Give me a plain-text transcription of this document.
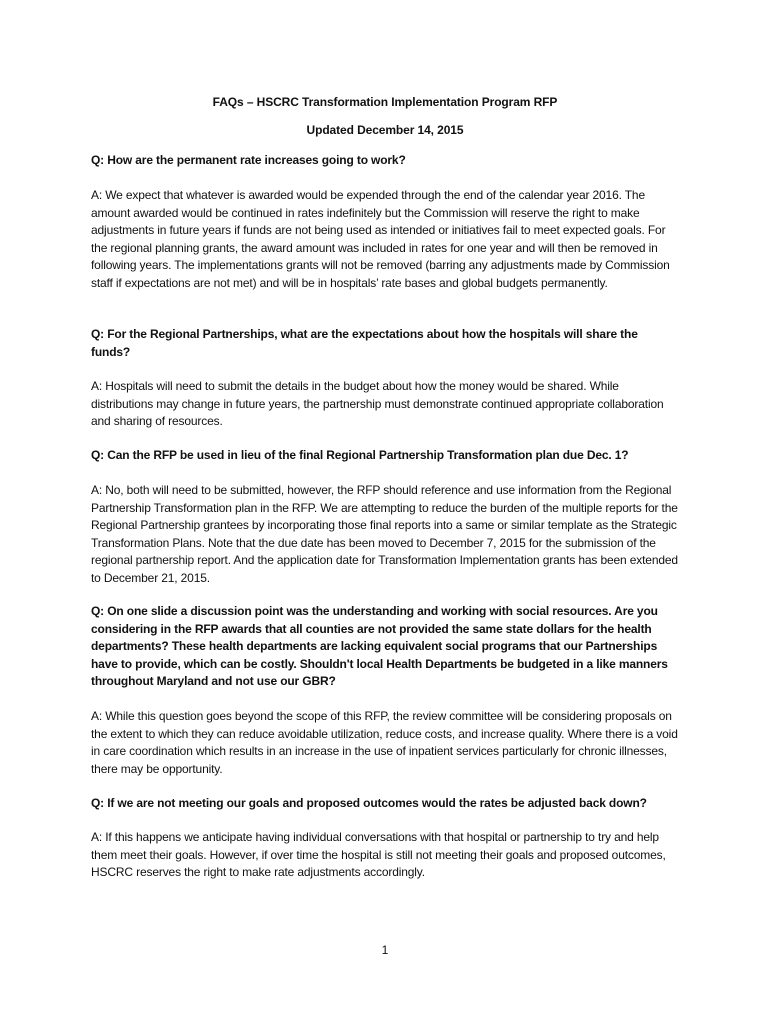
FAQs – HSCRC Transformation Implementation Program RFP
Updated December 14, 2015

Q: How are the permanent rate increases going to work?

A: We expect that whatever is awarded would be expended through the end of the calendar year 2016. The amount awarded would be continued in rates indefinitely but the Commission will reserve the right to make adjustments in future years if funds are not being used as intended or initiatives fail to meet expected goals. For the regional planning grants, the award amount was included in rates for one year and will then be removed in following years. The implementations grants will not be removed (barring any adjustments made by Commission staff if expectations are not met) and will be in hospitals’ rate bases and global budgets permanently.

Q: For the Regional Partnerships, what are the expectations about how the hospitals will share the funds?

A: Hospitals will need to submit the details in the budget about how the money would be shared. While distributions may change in future years, the partnership must demonstrate continued appropriate collaboration and sharing of resources.

Q: Can the RFP be used in lieu of the final Regional Partnership Transformation plan due Dec. 1?

A: No, both will need to be submitted, however, the RFP should reference and use information from the Regional Partnership Transformation plan in the RFP. We are attempting to reduce the burden of the multiple reports for the Regional Partnership grantees by incorporating those final reports into a same or similar template as the Strategic Transformation Plans. Note that the due date has been moved to December 7, 2015 for the submission of the regional partnership report. And the application date for Transformation Implementation grants has been extended to December 21, 2015.

Q: On one slide a discussion point was the understanding and working with social resources. Are you considering in the RFP awards that all counties are not provided the same state dollars for the health departments? These health departments are lacking equivalent social programs that our Partnerships have to provide, which can be costly. Shouldn't local Health Departments be budgeted in a like manners throughout Maryland and not use our GBR?

A: While this question goes beyond the scope of this RFP, the review committee will be considering proposals on the extent to which they can reduce avoidable utilization, reduce costs, and increase quality. Where there is a void in care coordination which results in an increase in the use of inpatient services particularly for chronic illnesses, there may be opportunity.

Q: If we are not meeting our goals and proposed outcomes would the rates be adjusted back down?

A: If this happens we anticipate having individual conversations with that hospital or partnership to try and help them meet their goals. However, if over time the hospital is still not meeting their goals and proposed outcomes, HSCRC reserves the right to make rate adjustments accordingly.

1
